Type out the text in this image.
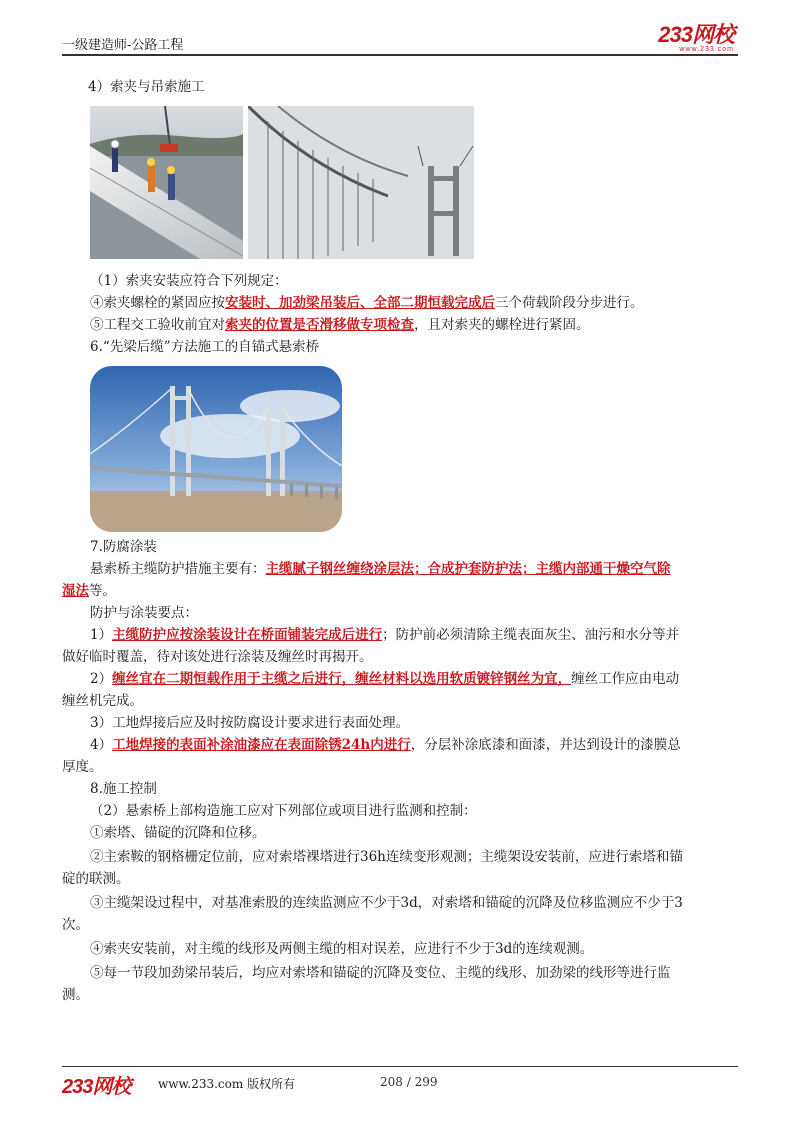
一级建造师-公路工程	233网校
www.233.com
4）索夹与吊索施工
（1）索夹安装应符合下列规定：
④索夹螺栓的紧固应按安装时、加劲梁吊装后、全部二期恒载完成后三个荷载阶段分步进行。
⑤工程交工验收前宜对索夹的位置是否滑移做专项检查，且对索夹的螺栓进行紧固。
6.“先梁后缆”方法施工的自锚式悬索桥
7.防腐涂装
悬索桥主缆防护措施主要有：主缆腻子钢丝缠绕涂层法；合成护套防护法；主缆内部通干燥空气除
湿法等。
防护与涂装要点：
1）主缆防护应按涂装设计在桥面铺装完成后进行；防护前必须清除主缆表面灰尘、油污和水分等并
做好临时覆盖，待对该处进行涂装及缠丝时再揭开。
2）缠丝宜在二期恒载作用于主缆之后进行，缠丝材料以选用软质镀锌钢丝为宜，缠丝工作应由电动
缠丝机完成。
3）工地焊接后应及时按防腐设计要求进行表面处理。
4）工地焊接的表面补涂油漆应在表面除锈24h内进行，分层补涂底漆和面漆，并达到设计的漆膜总
厚度。
8.施工控制
（2）悬索桥上部构造施工应对下列部位或项目进行监测和控制：
①索塔、锚碇的沉降和位移。
②主索鞍的钢格栅定位前，应对索塔裸塔进行36h连续变形观测；主缆架设安装前，应进行索塔和锚
碇的联测。
③主缆架设过程中，对基准索股的连续监测应不少于3d，对索塔和锚碇的沉降及位移监测应不少于3
次。
④索夹安装前，对主缆的线形及两侧主缆的相对误差，应进行不少于3d的连续观测。
⑤每一节段加劲梁吊装后，均应对索塔和锚碇的沉降及变位、主缆的线形、加劲梁的线形等进行监
测。
233网校 www.233.com 版权所有	208 / 299
